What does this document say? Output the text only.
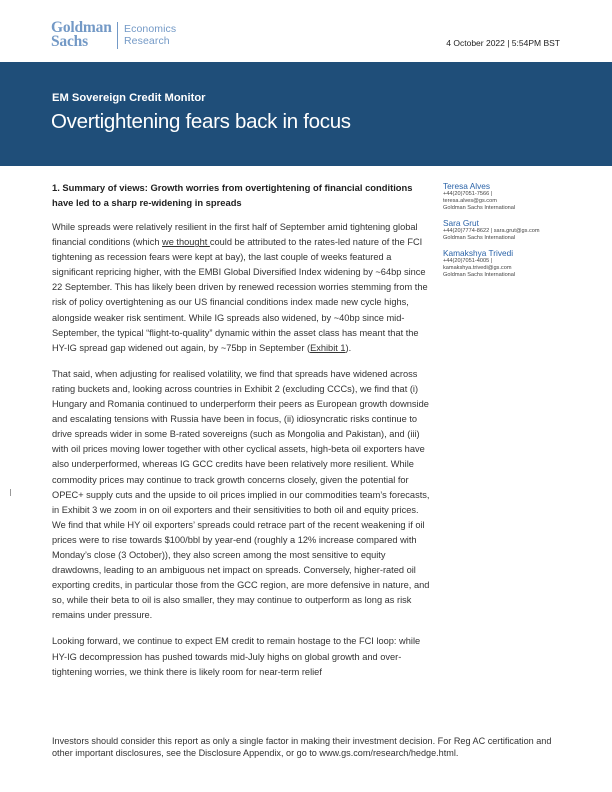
Goldman
Sachs
Economics
Research	4 October 2022 | 5:54PM BST
EM Sovereign Credit Monitor
Overtightening fears back in focus
1. Summary of views: Growth worries from overtightening of financial conditions have led to a sharp re-widening in spreads

While spreads were relatively resilient in the first half of September amid tightening global financial conditions (which we thought could be attributed to the rates-led nature of the FCI tightening as recession fears were kept at bay), the last couple of weeks featured a significant repricing higher, with the EMBI Global Diversified Index widening by ~64bp since 22 September. This has likely been driven by renewed recession worries stemming from the risk of policy overtightening as our US financial conditions index made new cycle highs, alongside weaker risk sentiment. While IG spreads also widened, by ~40bp since mid-September, the typical “flight-to-quality” dynamic within the asset class has meant that the HY-IG spread gap widened out again, by ~75bp in September (Exhibit 1).

That said, when adjusting for realised volatility, we find that spreads have widened across rating buckets and, looking across countries in Exhibit 2 (excluding CCCs), we find that (i) Hungary and Romania continued to underperform their peers as European growth downside and escalating tensions with Russia have been in focus, (ii) idiosyncratic risks continue to drive spreads wider in some B-rated sovereigns (such as Mongolia and Pakistan), and (iii) with oil prices moving lower together with other cyclical assets, high-beta oil exporters have also underperformed, whereas IG GCC credits have been relatively more resilient. While commodity prices may continue to track growth concerns closely, given the potential for OPEC+ supply cuts and the upside to oil prices implied in our commodities team’s forecasts, in Exhibit 3 we zoom in on oil exporters and their sensitivities to both oil and equity prices. We find that while HY oil exporters’ spreads could retrace part of the recent weakening if oil prices were to rise towards $100/bbl by year-end (roughly a 12% increase compared with Monday’s close (3 October)), they also screen among the most sensitive to equity drawdowns, leading to an ambiguous net impact on spreads. Conversely, higher-rated oil exporting credits, in particular those from the GCC region, are more defensive in nature, and so, while their beta to oil is also smaller, they may continue to outperform as long as risk remains under pressure.

Looking forward, we continue to expect EM credit to remain hostage to the FCI loop: while HY-IG decompression has pushed towards mid-July highs on global growth and over-tightening worries, we think there is likely room for near-term relief

Teresa Alves
+44(20)7051-7566 |
teresa.alves@gs.com
Goldman Sachs International
Sara Grut
+44(20)7774-8622 | sara.grut@gs.com
Goldman Sachs International
Kamakshya Trivedi
+44(20)7051-4005 |
kamakshya.trivedi@gs.com
Goldman Sachs International
Investors should consider this report as only a single factor in making their investment decision. For Reg AC certification and other important disclosures, see the Disclosure Appendix, or go to www.gs.com/research/hedge.html.
